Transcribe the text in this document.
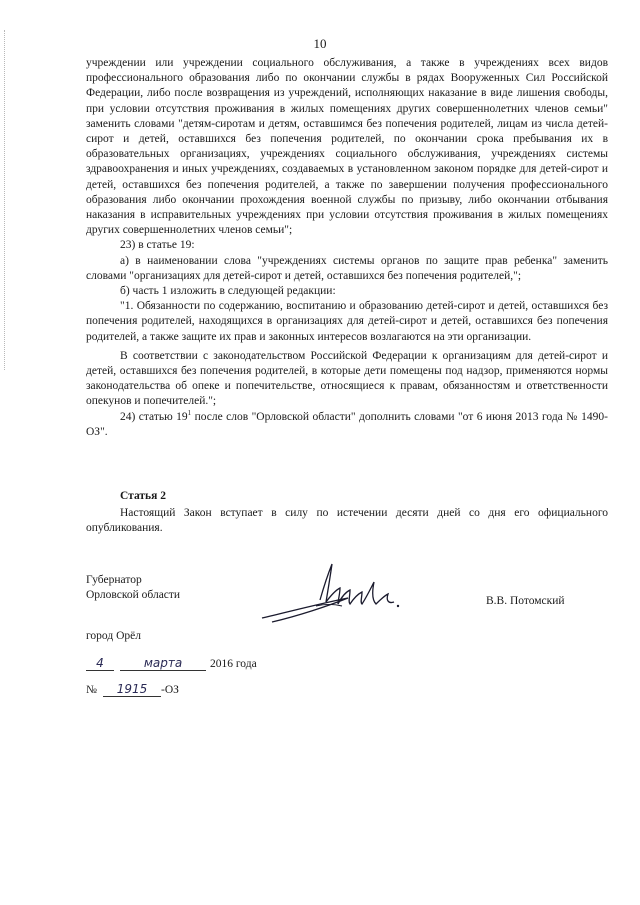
10

учреждении или учреждении социального обслуживания, а также в учреждениях всех видов профессионального образования либо по окончании службы в рядах Вооруженных Сил Российской Федерации, либо после возвращения из учреждений, исполняющих наказание в виде лишения свободы, при условии отсутствия проживания в жилых помещениях других совершеннолетних членов семьи" заменить словами "детям-сиротам и детям, оставшимся без попечения родителей, лицам из числа детей-сирот и детей, оставшихся без попечения родителей, по окончании срока пребывания их в образовательных организациях, учреждениях социального обслуживания, учреждениях системы здравоохранения и иных учреждениях, создаваемых в установленном законом порядке для детей-сирот и детей, оставшихся без попечения родителей, а также по завершении получения профессионального образования либо окончании прохождения военной службы по призыву, либо окончании отбывания наказания в исправительных учреждениях при условии отсутствия проживания в жилых помещениях других совершеннолетних членов семьи";

23) в статье 19:

а) в наименовании слова "учреждениях системы органов по защите прав ребенка" заменить словами "организациях для детей-сирот и детей, оставшихся без попечения родителей,";

б) часть 1 изложить в следующей редакции:

"1. Обязанности по содержанию, воспитанию и образованию детей-сирот и детей, оставшихся без попечения родителей, находящихся в организациях для детей-сирот и детей, оставшихся без попечения родителей, а также защите их прав и законных интересов возлагаются на эти организации.

В соответствии с законодательством Российской Федерации к организациям для детей-сирот и детей, оставшихся без попечения родителей, в которые дети помещены под надзор, применяются нормы законодательства об опеке и попечительстве, относящиеся к правам, обязанностям и ответственности опекунов и попечителей.";

24) статью $19^1$ после слов "Орловской области" дополнить словами "от 6 июня 2013 года № 1490-ОЗ".

Статья 2

Настоящий Закон вступает в силу по истечении десяти дней со дня его официального опубликования.

Губернатор
Орловской области	В.В. Потомский
город Орёл
4	марта	2016 года
№	1915	-ОЗ
